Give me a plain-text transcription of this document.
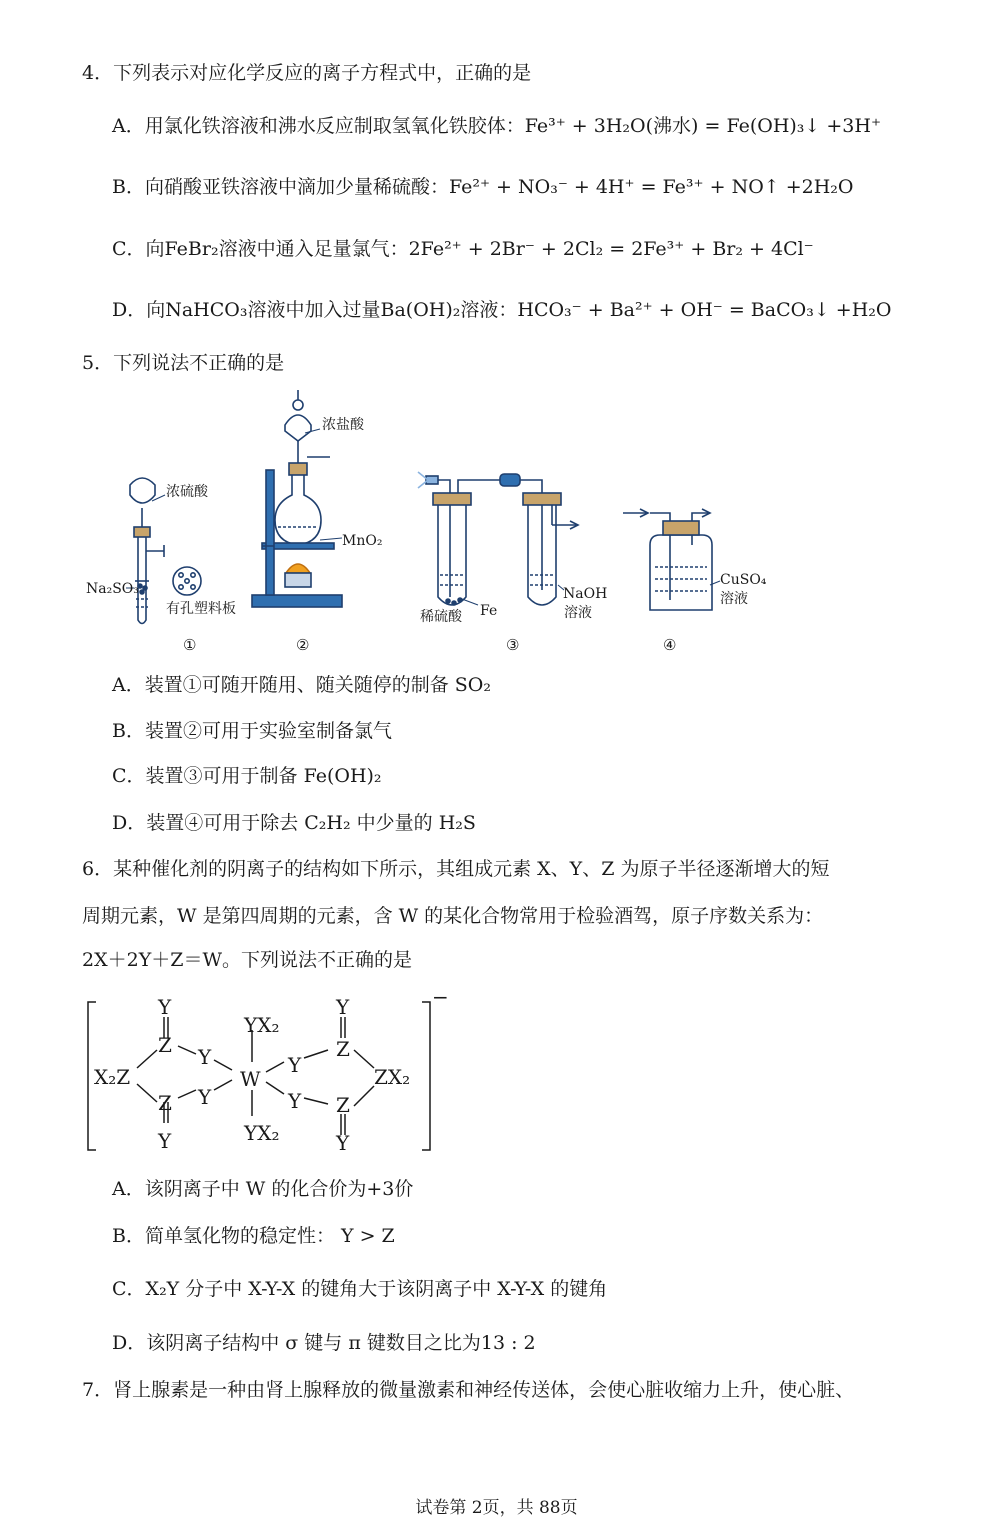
4．下列表示对应化学反应的离子方程式中，正确的是
A．用氯化铁溶液和沸水反应制取氢氧化铁胶体：Fe³⁺ + 3H₂O(沸水) = Fe(OH)₃↓ +3H⁺
B．向硝酸亚铁溶液中滴加少量稀硫酸：Fe²⁺ + NO₃⁻ + 4H⁺ = Fe³⁺ + NO↑ +2H₂O
C．向FeBr₂溶液中通入足量氯气：2Fe²⁺ + 2Br⁻ + 2Cl₂ = 2Fe³⁺ + Br₂ + 4Cl⁻
D．向NaHCO₃溶液中加入过量Ba(OH)₂溶液：HCO₃⁻ + Ba²⁺ + OH⁻ = BaCO₃↓ +H₂O
5．下列说法不正确的是
浓硫酸
Na₂SO₃
有孔塑料板
浓盐酸
MnO₂
稀硫酸 Fe
NaOH
溶液
CuSO₄
溶液
①	②	③	④
A．装置①可随开随用、随关随停的制备 SO₂
B．装置②可用于实验室制备氯气
C．装置③可用于制备 Fe(OH)₂
D．装置④可用于除去 C₂H₂ 中少量的 H₂S
6．某种催化剂的阴离子的结构如下所示，其组成元素 X、Y、Z 为原子半径逐渐增大的短
周期元素，W 是第四周期的元素，含 W 的某化合物常用于检验酒驾，原子序数关系为：
2X＋2Y＋Z＝W。下列说法不正确的是
Y
Z
X₂Z
Z
Y
Y
Y
YX₂
W
YX₂
Y
Y
Y
Z
Z
Y
ZX₂
−
A．该阴离子中 W 的化合价为+3价
B．简单氢化物的稳定性： Y > Z
C．X₂Y 分子中 X-Y-X 的键角大于该阴离子中 X-Y-X 的键角
D．该阴离子结构中 σ 键与 π 键数目之比为13 : 2
7．肾上腺素是一种由肾上腺释放的微量激素和神经传送体，会使心脏收缩力上升，使心脏、
试卷第 2页，共 88页
